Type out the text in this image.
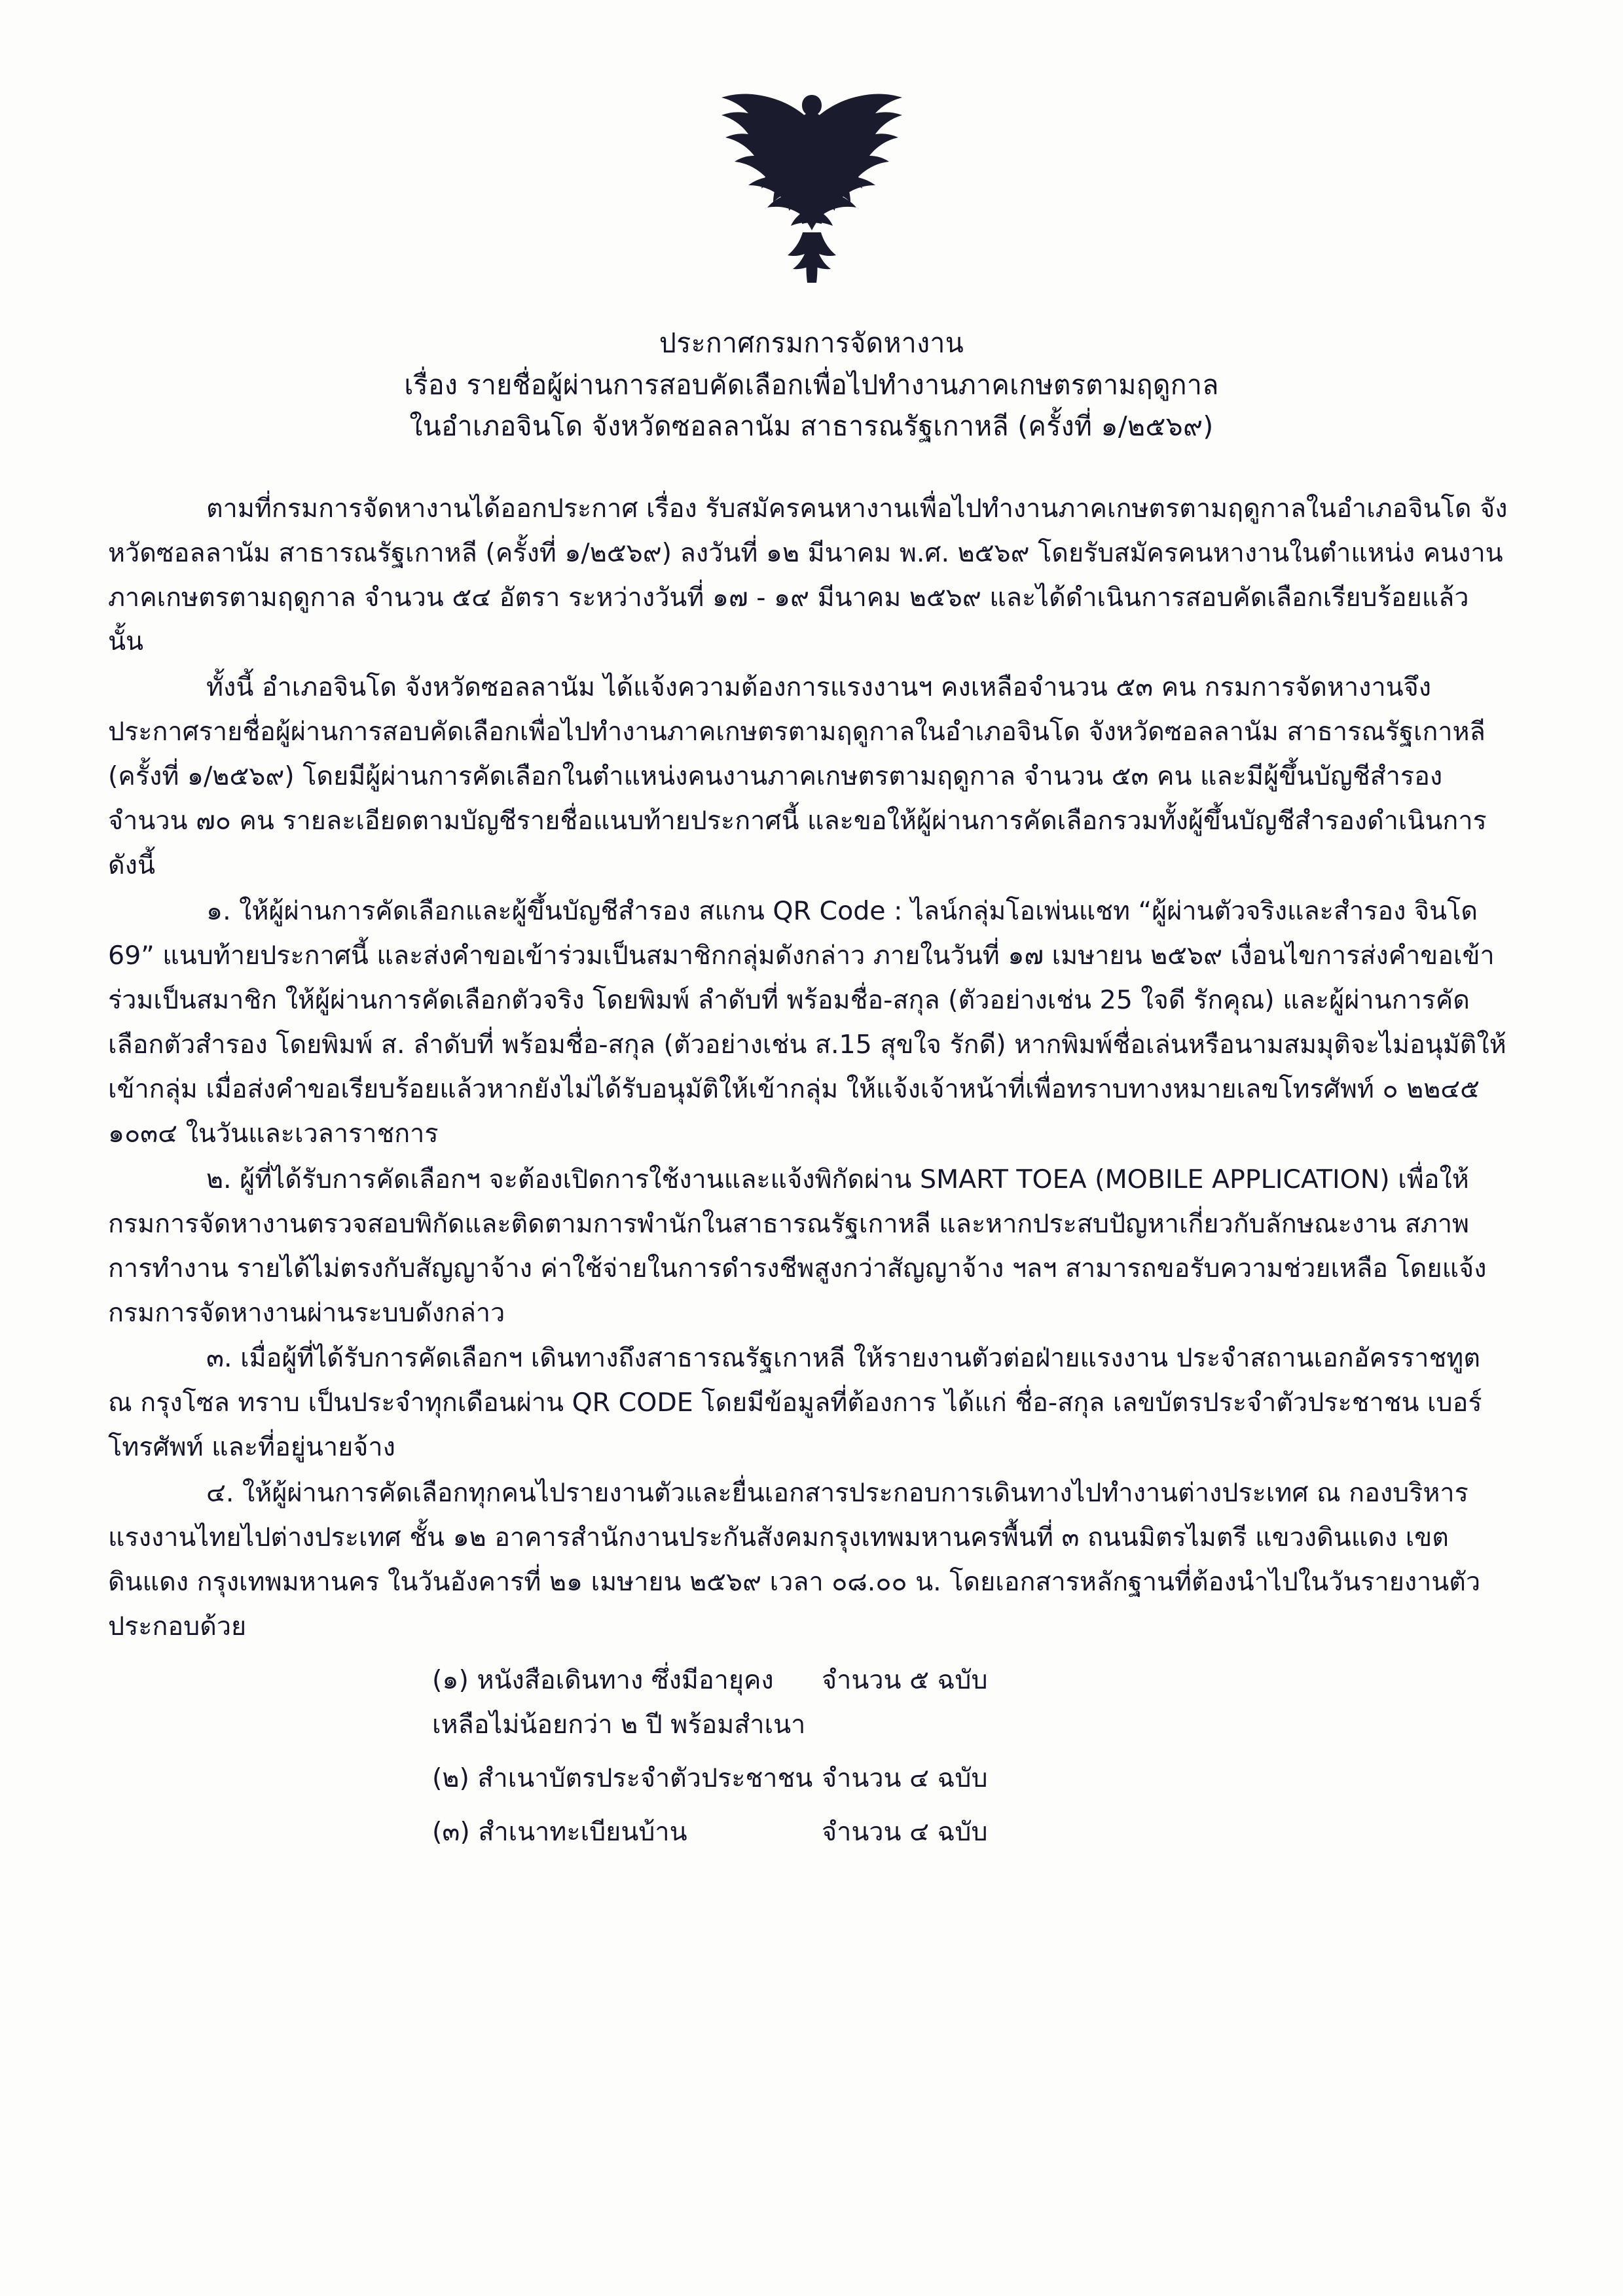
ประกาศกรมการจัดหางาน
เรื่อง รายชื่อผู้ผ่านการสอบคัดเลือกเพื่อไปทำงานภาคเกษตรตามฤดูกาล
ในอำเภอจินโด จังหวัดซอลลานัม สาธารณรัฐเกาหลี (ครั้งที่ ๑/๒๕๖๙)

ตามที่กรมการจัดหางานได้ออกประกาศ เรื่อง รับสมัครคนหางานเพื่อไปทำงานภาคเกษตรตามฤดูกาลในอำเภอจินโด จังหวัดซอลลานัม สาธารณรัฐเกาหลี (ครั้งที่ ๑/๒๕๖๙) ลงวันที่ ๑๒ มีนาคม พ.ศ. ๒๕๖๙ โดยรับสมัครคนหางานในตำแหน่ง คนงานภาคเกษตรตามฤดูกาล จำนวน ๕๔ อัตรา ระหว่างวันที่ ๑๗ - ๑๙ มีนาคม ๒๕๖๙ และได้ดำเนินการสอบคัดเลือกเรียบร้อยแล้ว นั้น

ทั้งนี้ อำเภอจินโด จังหวัดซอลลานัม ได้แจ้งความต้องการแรงงานฯ คงเหลือจำนวน ๕๓ คน กรมการจัดหางานจึงประกาศรายชื่อผู้ผ่านการสอบคัดเลือกเพื่อไปทำงานภาคเกษตรตามฤดูกาลในอำเภอจินโด จังหวัดซอลลานัม สาธารณรัฐเกาหลี (ครั้งที่ ๑/๒๕๖๙) โดยมีผู้ผ่านการคัดเลือกในตำแหน่งคนงานภาคเกษตรตามฤดูกาล จำนวน ๕๓ คน และมีผู้ขึ้นบัญชีสำรอง จำนวน ๗๐ คน รายละเอียดตามบัญชีรายชื่อแนบท้ายประกาศนี้ และขอให้ผู้ผ่านการคัดเลือกรวมทั้งผู้ขึ้นบัญชีสำรองดำเนินการ ดังนี้

๑. ให้ผู้ผ่านการคัดเลือกและผู้ขึ้นบัญชีสำรอง สแกน QR Code : ไลน์กลุ่มโอเพ่นแชท “ผู้ผ่านตัวจริงและสำรอง จินโด 69” แนบท้ายประกาศนี้ และส่งคำขอเข้าร่วมเป็นสมาชิกกลุ่มดังกล่าว ภายในวันที่ ๑๗ เมษายน ๒๕๖๙ เงื่อนไขการส่งคำขอเข้าร่วมเป็นสมาชิก ให้ผู้ผ่านการคัดเลือกตัวจริง โดยพิมพ์ ลำดับที่ พร้อมชื่อ-สกุล (ตัวอย่างเช่น 25 ใจดี รักคุณ) และผู้ผ่านการคัดเลือกตัวสำรอง โดยพิมพ์ ส. ลำดับที่ พร้อมชื่อ-สกุล (ตัวอย่างเช่น ส.15 สุขใจ รักดี) หากพิมพ์ชื่อเล่นหรือนามสมมุติจะไม่อนุมัติให้เข้ากลุ่ม เมื่อส่งคำขอเรียบร้อยแล้วหากยังไม่ได้รับอนุมัติให้เข้ากลุ่ม ให้แจ้งเจ้าหน้าที่เพื่อทราบทางหมายเลขโทรศัพท์ ๐ ๒๒๔๕ ๑๐๓๔ ในวันและเวลาราชการ

๒. ผู้ที่ได้รับการคัดเลือกฯ จะต้องเปิดการใช้งานและแจ้งพิกัดผ่าน SMART TOEA (MOBILE APPLICATION) เพื่อให้กรมการจัดหางานตรวจสอบพิกัดและติดตามการพำนักในสาธารณรัฐเกาหลี และหากประสบปัญหาเกี่ยวกับลักษณะงาน สภาพการทำงาน รายได้ไม่ตรงกับสัญญาจ้าง ค่าใช้จ่ายในการดำรงชีพสูงกว่าสัญญาจ้าง ฯลฯ สามารถขอรับความช่วยเหลือ โดยแจ้งกรมการจัดหางานผ่านระบบดังกล่าว

๓. เมื่อผู้ที่ได้รับการคัดเลือกฯ เดินทางถึงสาธารณรัฐเกาหลี ให้รายงานตัวต่อฝ่ายแรงงาน ประจำสถานเอกอัครราชทูต ณ กรุงโซล ทราบ เป็นประจำทุกเดือนผ่าน QR CODE โดยมีข้อมูลที่ต้องการ ได้แก่ ชื่อ-สกุล เลขบัตรประจำตัวประชาชน เบอร์โทรศัพท์ และที่อยู่นายจ้าง

๔. ให้ผู้ผ่านการคัดเลือกทุกคนไปรายงานตัวและยื่นเอกสารประกอบการเดินทางไปทำงานต่างประเทศ ณ กองบริหารแรงงานไทยไปต่างประเทศ ชั้น ๑๒ อาคารสำนักงานประกันสังคมกรุงเทพมหานครพื้นที่ ๓ ถนนมิตรไมตรี แขวงดินแดง เขตดินแดง กรุงเทพมหานคร ในวันอังคารที่ ๒๑ เมษายน ๒๕๖๙ เวลา ๐๘.๐๐ น. โดยเอกสารหลักฐานที่ต้องนำไปในวันรายงานตัว ประกอบด้วย

(๑) หนังสือเดินทาง ซึ่งมีอายุคงเหลือไม่น้อยกว่า ๒ ปี พร้อมสำเนา
จำนวน ๕ ฉบับ
(๒) สำเนาบัตรประจำตัวประชาชน จำนวน ๔ ฉบับ
(๓) สำเนาทะเบียนบ้าน	จำนวน ๔ ฉบับ
